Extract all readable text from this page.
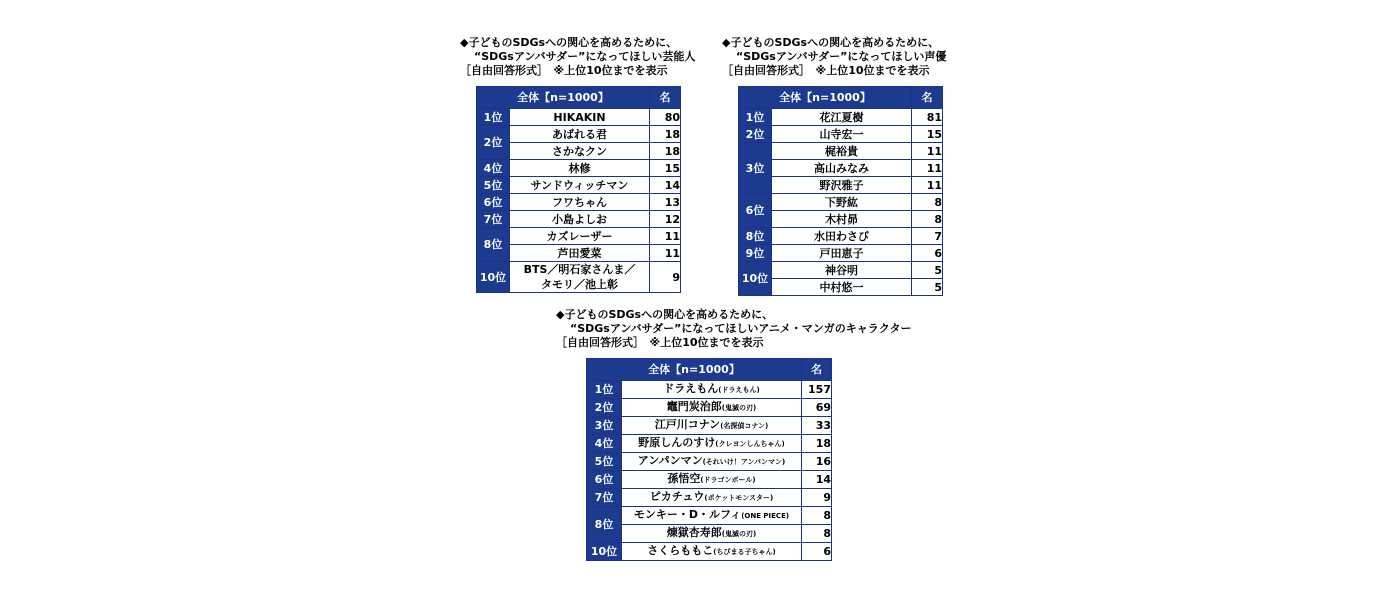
◆子どものSDGsへの関心を高めるために、
“SDGsアンバサダー”になってほしい芸能人
［自由回答形式］　※上位10位までを表示
全体【n=1000】		名
1位	HIKAKIN	80
2位	あばれる君	18
	さかなクン	18
4位	林修	15
5位	サンドウィッチマン	14
6位	フワちゃん	13
7位	小島よしお	12
8位	カズレーザー	11
	芦田愛菜	11
10位	BTS／明石家さんま／
タモリ／池上彰	9
◆子どものSDGsへの関心を高めるために、
“SDGsアンバサダー”になってほしい声優
［自由回答形式］　※上位10位までを表示
全体【n=1000】		名
1位	花江夏樹	81
2位	山寺宏一	15
3位	梶裕貴	11
	高山みなみ	11
	野沢雅子	11
6位	下野紘	8
	木村昴	8
8位	水田わさび	7
9位	戸田恵子	6
10位	神谷明	5
	中村悠一	5
◆子どものSDGsへの関心を高めるために、
“SDGsアンバサダー”になってほしいアニメ・マンガのキャラクター
［自由回答形式］　※上位10位までを表示
全体【n=1000】		名
1位	ドラえもん(ドラえもん)	157
2位	竈門炭治郎(鬼滅の刃)	69
3位	江戸川コナン(名探偵コナン)	33
4位	野原しんのすけ(クレヨンしんちゃん)	18
5位	アンパンマン(それいけ！アンパンマン)	16
6位	孫悟空(ドラゴンボール)	14
7位	ピカチュウ(ポケットモンスター)	9
8位	モンキー・D・ルフィ(ONE PIECE)	8
	煉獄杏寿郎(鬼滅の刃)	8
10位	さくらももこ(ちびまる子ちゃん)	6
